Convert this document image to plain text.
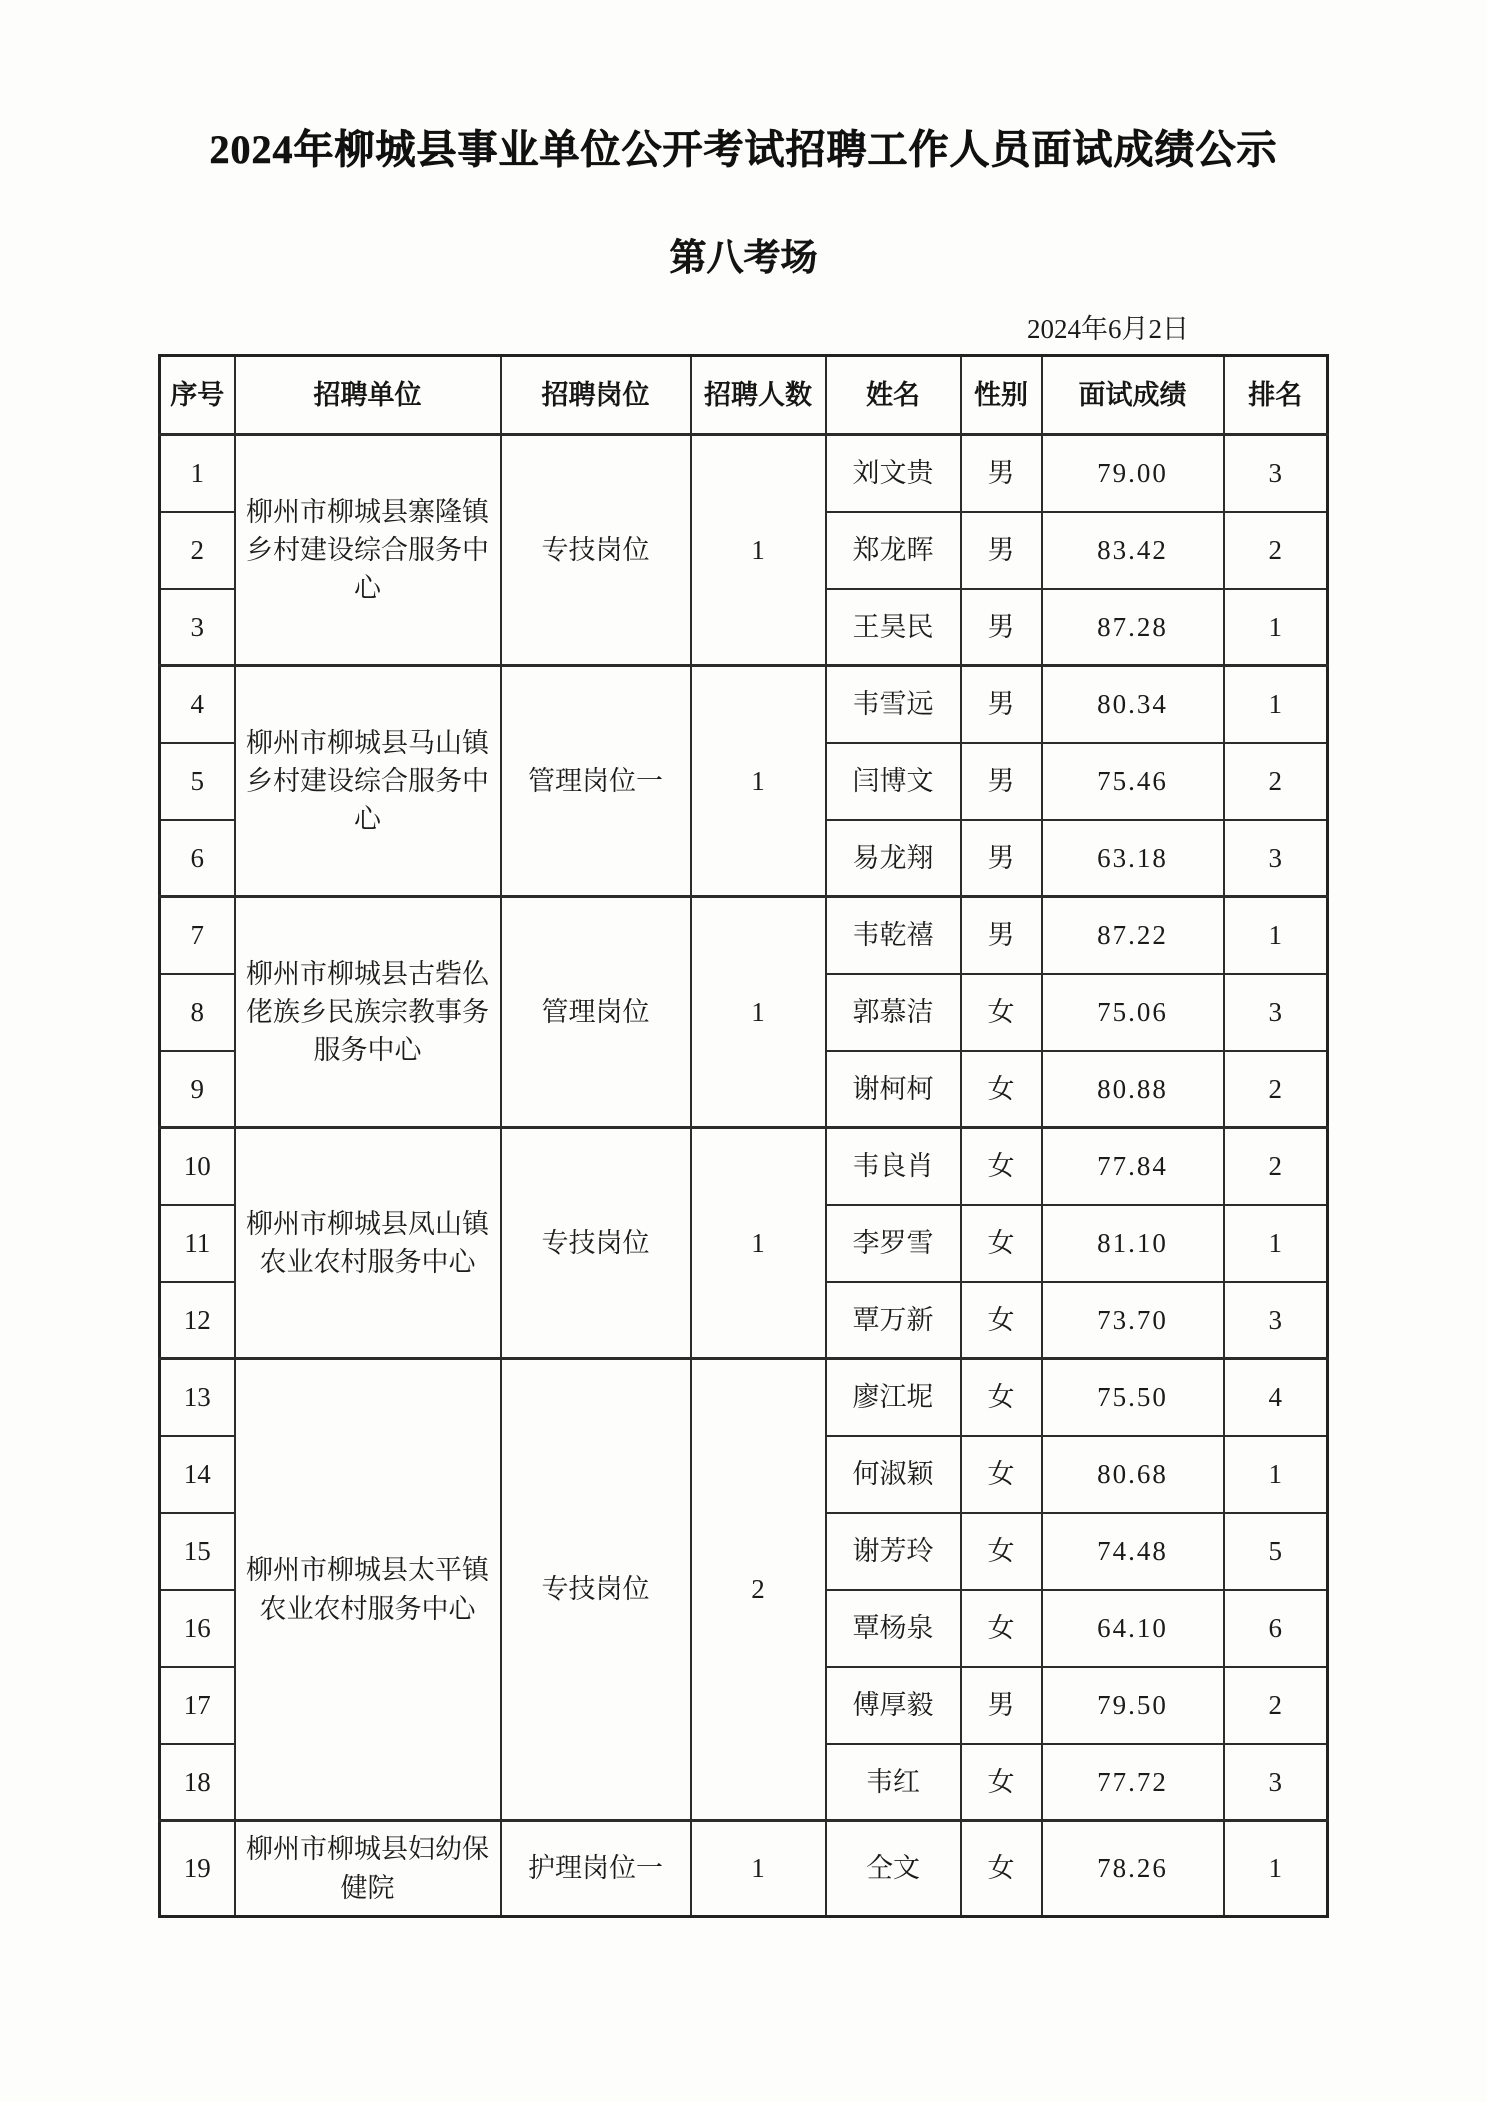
2024年柳城县事业单位公开考试招聘工作人员面试成绩公示
第八考场
2024年6月2日
序号	招聘单位	招聘岗位	招聘人数	姓名	性别	面试成绩	排名
1	柳州市柳城县寨隆镇乡村建设综合服务中心	专技岗位	1	刘文贵	男	79.00	3
2				郑龙晖	男	83.42	2
3				王昊民	男	87.28	1
4	柳州市柳城县马山镇乡村建设综合服务中心	管理岗位一	1	韦雪远	男	80.34	1
5				闫博文	男	75.46	2
6				易龙翔	男	63.18	3
7	柳州市柳城县古砦仫佬族乡民族宗教事务服务中心	管理岗位	1	韦乾禧	男	87.22	1
8				郭慕洁	女	75.06	3
9				谢柯柯	女	80.88	2
10	柳州市柳城县凤山镇农业农村服务中心	专技岗位	1	韦良肖	女	77.84	2
11				李罗雪	女	81.10	1
12				覃万新	女	73.70	3
13	柳州市柳城县太平镇农业农村服务中心	专技岗位	2	廖江坭	女	75.50	4
14				何淑颖	女	80.68	1
15				谢芳玲	女	74.48	5
16				覃杨泉	女	64.10	6
17				傅厚毅	男	79.50	2
18				韦红	女	77.72	3
19	柳州市柳城县妇幼保健院	护理岗位一	1	仝文	女	78.26	1
